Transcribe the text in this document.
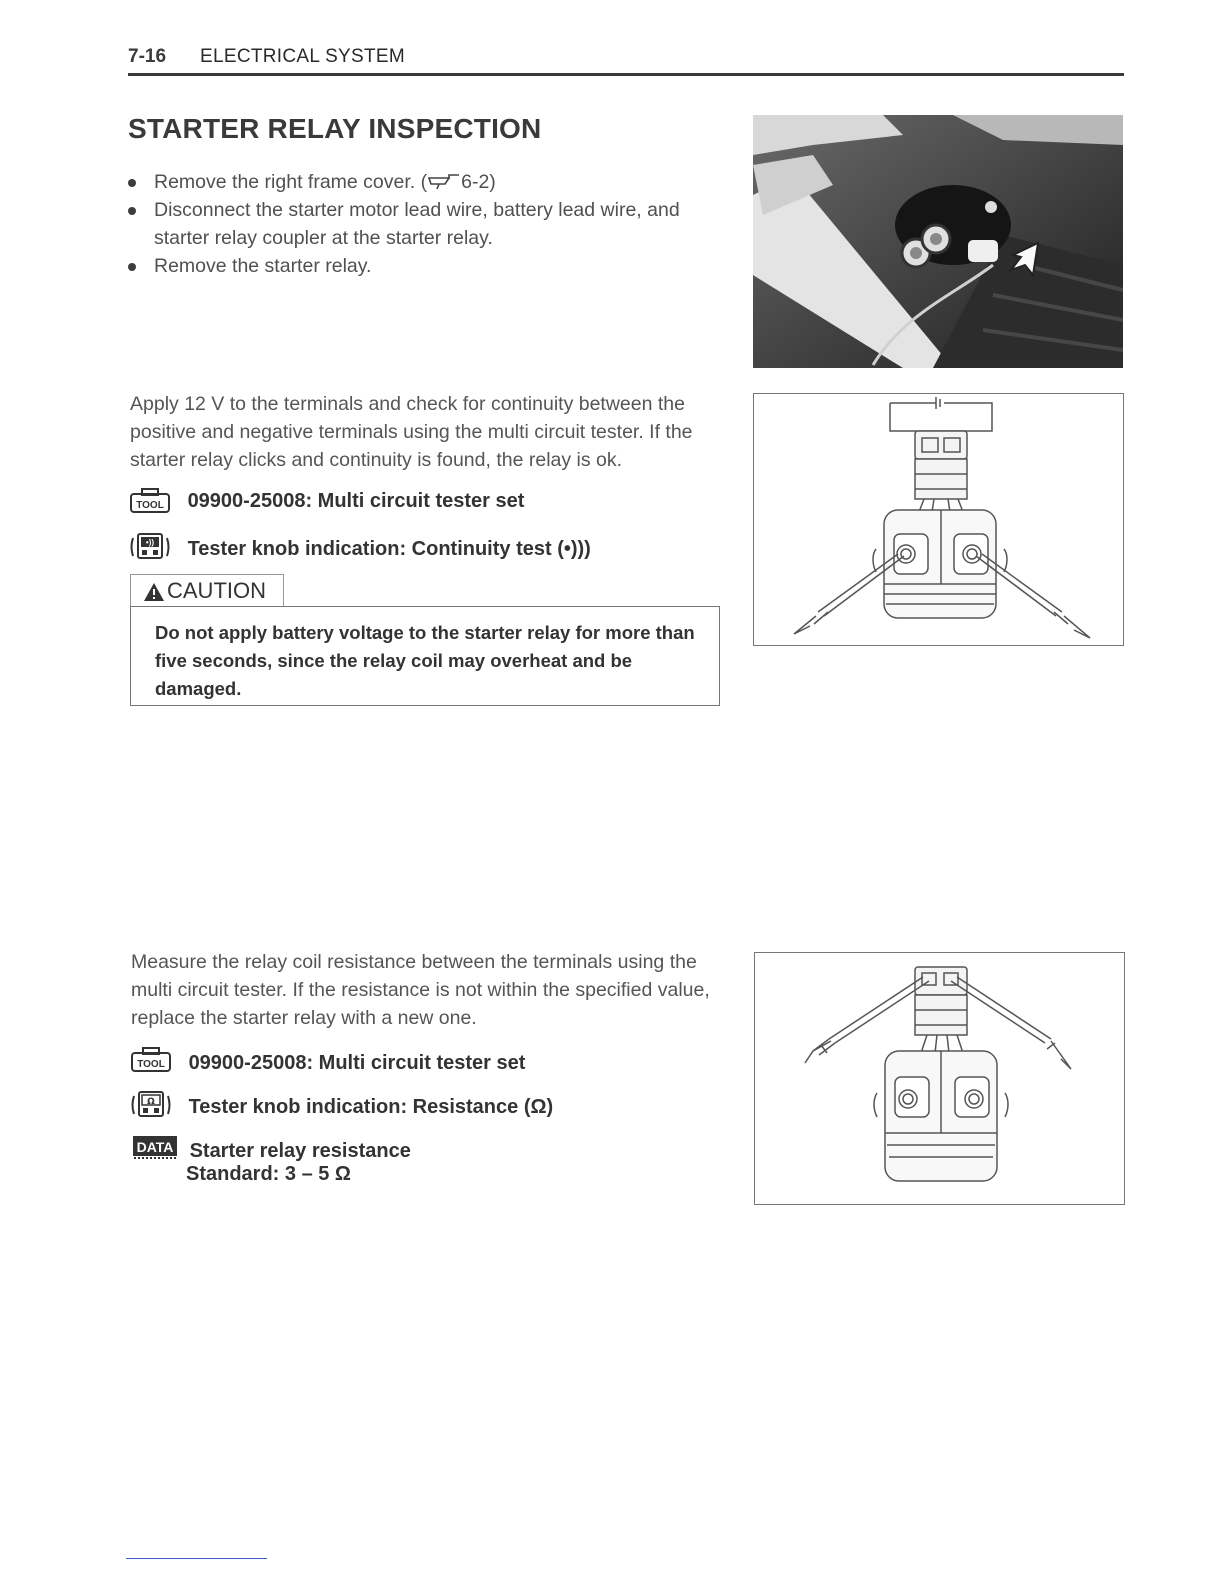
7-16 ELECTRICAL SYSTEM
STARTER RELAY INSPECTION
Remove the right frame cover. ( 6-2)
Disconnect the starter motor lead wire, battery lead wire, and starter relay coupler at the starter relay.
Remove the starter relay.
Apply 12 V to the terminals and check for continuity between the positive and negative terminals using the multi circuit tester. If the starter relay clicks and continuity is found, the relay is ok.
TOOL 09900-25008: Multi circuit tester set
•)) Tester knob indication: Continuity test (•)))
CAUTION
Do not apply battery voltage to the starter relay for more than five seconds, since the relay coil may overheat and be damaged.
Measure the relay coil resistance between the terminals using the multi circuit tester. If the resistance is not within the specified value, replace the starter relay with a new one.
TOOL 09900-25008: Multi circuit tester set
Ω Tester knob indication: Resistance (Ω)
DATA Starter relay resistance
Standard: 3 – 5 Ω
